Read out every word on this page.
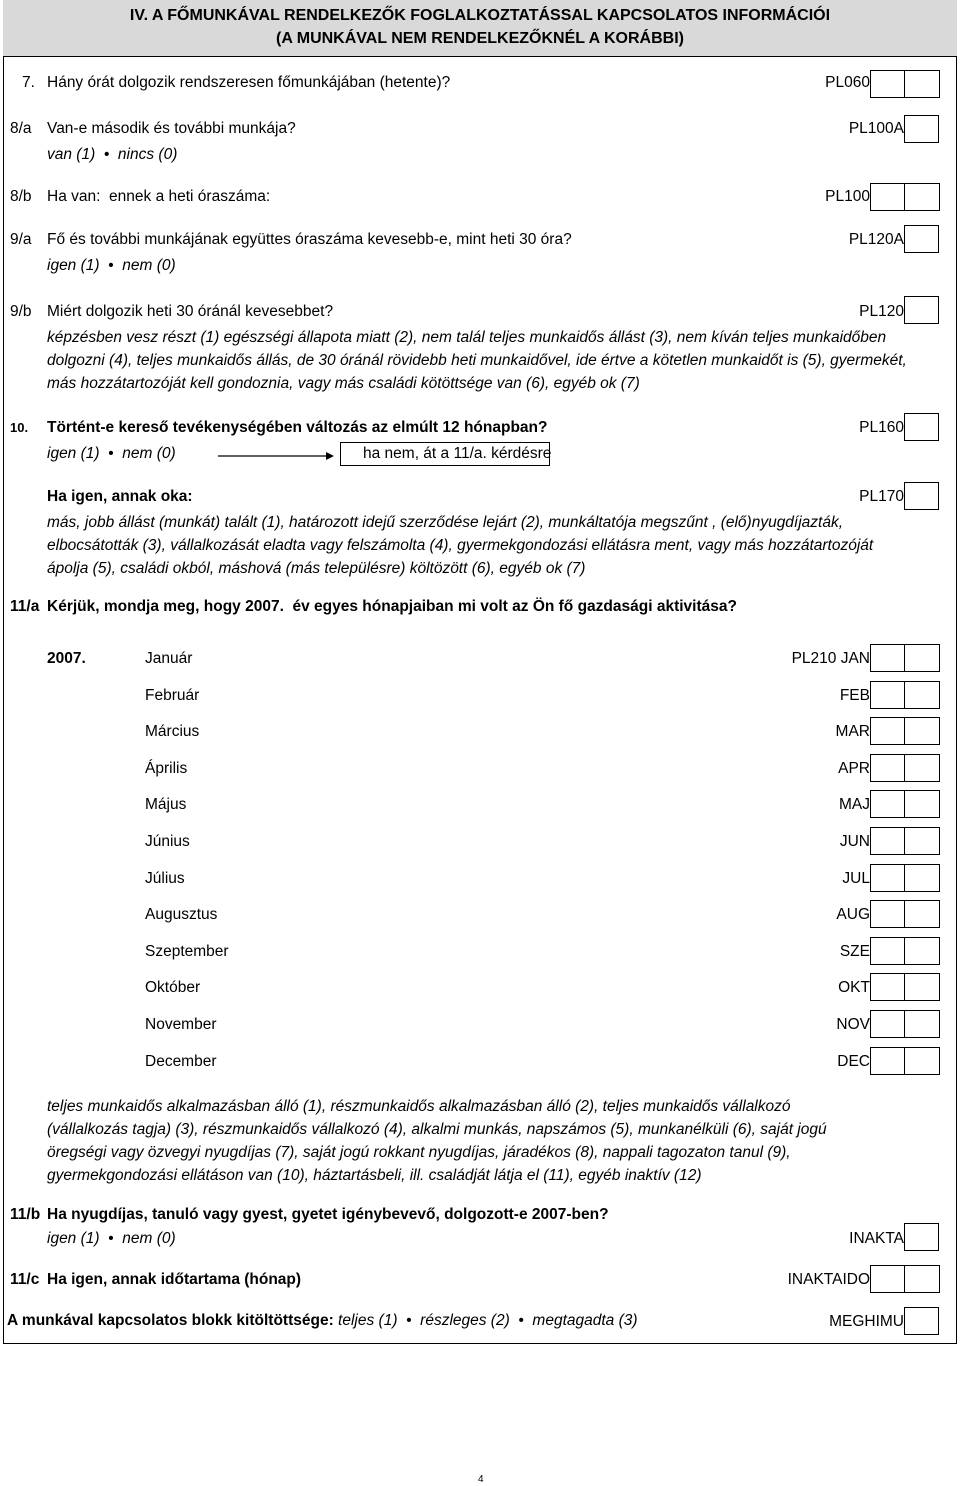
IV. A FŐMUNKÁVAL RENDELKEZŐK FOGLALKOZTATÁSSAL KAPCSOLATOS INFORMÁCIÓI
(A MUNKÁVAL NEM RENDELKEZŐKNÉL A KORÁBBI)
7. Hány órát dolgozik rendszeresen főmunkájában (hetente)?	PL060
8/a Van-e második és további munkája?
van (1)  •  nincs (0)
PL100A
8/b Ha van:  ennek a heti óraszáma:	PL100
9/a Fő és további munkájának együttes óraszáma kevesebb-e, mint heti 30 óra?
igen (1)  •  nem (0)
PL120A
9/b Miért dolgozik heti 30 óránál kevesebbet?	PL120
képzésben vesz részt (1) egészségi állapota miatt (2), nem talál teljes munkaidős állást (3), nem kíván teljes munkaidőben
dolgozni (4), teljes munkaidős állás, de 30 óránál rövidebb heti munkaidővel, ide értve a kötetlen munkaidőt is (5), gyermekét,
más hozzátartozóját kell gondoznia, vagy más családi kötöttsége van (6), egyéb ok (7)
10. Történt-e kereső tevékenységében változás az elmúlt 12 hónapban?
igen (1)  •  nem (0)	ha nem, át a 11/a. kérdésre
PL160
Ha igen, annak oka:	PL170
más, jobb állást (munkát) talált (1), határozott idejű szerződése lejárt (2), munkáltatója megszűnt , (elő)nyugdíjazták,
elbocsátották (3), vállalkozását eladta vagy felszámolta (4), gyermekgondozási ellátásra ment, vagy más hozzátartozóját
ápolja (5), családi okból, máshová (más településre) költözött (6), egyéb ok (7)
11/a Kérjük, mondja meg, hogy 2007.  év egyes hónapjaiban mi volt az Ön fő gazdasági aktivitása?
2007.	Január	PL210 JAN
Február	FEB
Március	MAR
Április	APR
Május	MAJ
Június	JUN
Július	JUL
Augusztus	AUG
Szeptember	SZE
Október	OKT
November	NOV
December	DEC
teljes munkaidős alkalmazásban álló (1), részmunkaidős alkalmazásban álló (2), teljes munkaidős vállalkozó
(vállalkozás tagja) (3), részmunkaidős vállalkozó (4), alkalmi munkás, napszámos (5), munkanélküli (6), saját jogú
öregségi vagy özvegyi nyugdíjas (7), saját jogú rokkant nyugdíjas, járadékos (8), nappali tagozaton tanul (9),
gyermekgondozási ellátáson van (10), háztartásbeli, ill. családját látja el (11), egyéb inaktív (12)
11/b Ha nyugdíjas, tanuló vagy gyest, gyetet igénybevevő, dolgozott-e 2007-ben?
igen (1)  •  nem (0)	INAKTA
11/c Ha igen, annak időtartama (hónap)	INAKTAIDO
A munkával kapcsolatos blokk kitöltöttsége: teljes (1)  •  részleges (2)  •  megtagadta (3)	MEGHIMU
4
